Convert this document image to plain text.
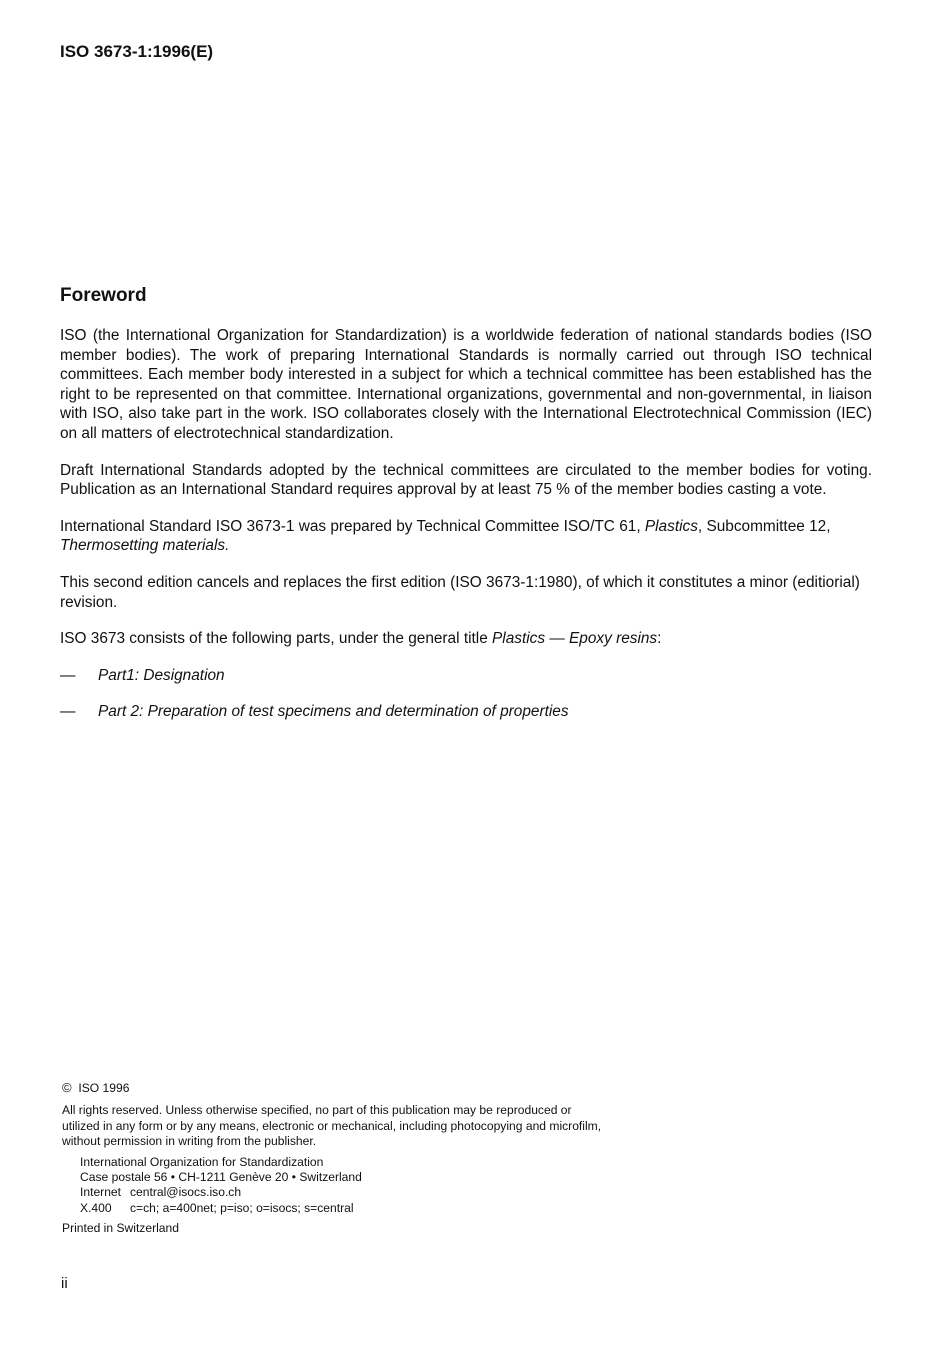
ISO 3673-1:1996(E)
Foreword

ISO (the International Organization for Standardization) is a worldwide federation of national standards bodies (ISO member bodies). The work of preparing International Standards is normally carried out through ISO technical committees. Each member body interested in a subject for which a technical committee has been established has the right to be represented on that committee. International organizations, governmental and non-governmental, in liaison with ISO, also take part in the work. ISO collaborates closely with the International Electrotechnical Commission (IEC) on all matters of electrotechnical standardization.

Draft International Standards adopted by the technical committees are circulated to the member bodies for voting. Publication as an International Standard requires approval by at least 75 % of the member bodies casting a vote.

International Standard ISO 3673-1 was prepared by Technical Committee ISO/TC 61, Plastics, Subcommittee 12, Thermosetting materials.

This second edition cancels and replaces the first edition (ISO 3673-1:1980), of which it constitutes a minor (editiorial) revision.

ISO 3673 consists of the following parts, under the general title Plastics — Epoxy resins:

— Part1: Designation
— Part 2: Preparation of test specimens and determination of properties
© ISO 1996
All rights reserved. Unless otherwise specified, no part of this publication may be reproduced or utilized in any form or by any means, electronic or mechanical, including photocopying and microfilm, without permission in writing from the publisher.
International Organization for Standardization
Case postale 56 • CH-1211 Genève 20 • Switzerland
Internet central@isocs.iso.ch
X.400	c=ch; a=400net; p=iso; o=isocs; s=central
Printed in Switzerland
ii
